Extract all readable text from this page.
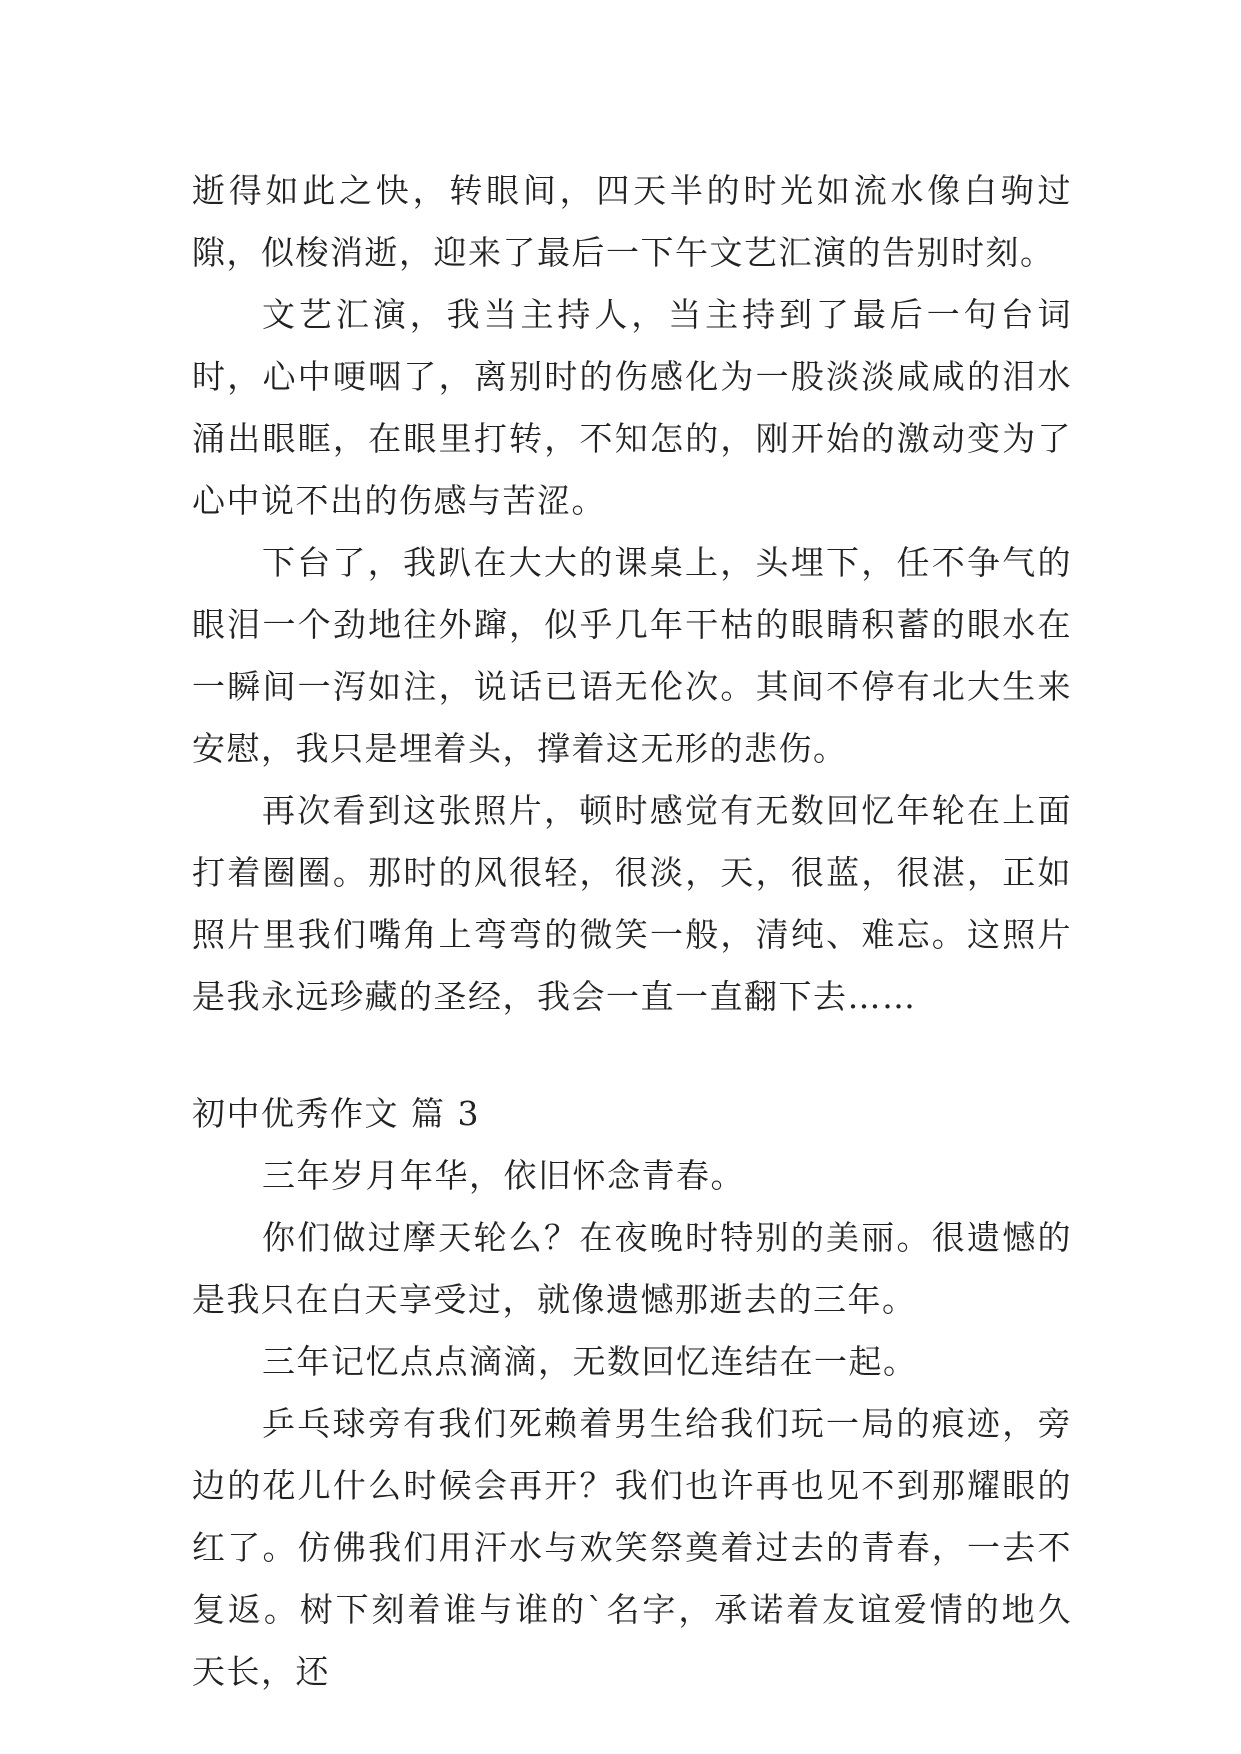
逝得如此之快，转眼间，四天半的时光如流水像白驹过隙，似梭消逝，迎来了最后一下午文艺汇演的告别时刻。

文艺汇演，我当主持人，当主持到了最后一句台词时，心中哽咽了，离别时的伤感化为一股淡淡咸咸的泪水涌出眼眶，在眼里打转，不知怎的，刚开始的激动变为了心中说不出的伤感与苦涩。

下台了，我趴在大大的课桌上，头埋下，任不争气的眼泪一个劲地往外蹿，似乎几年干枯的眼睛积蓄的眼水在一瞬间一泻如注，说话已语无伦次。其间不停有北大生来安慰，我只是埋着头，撑着这无形的悲伤。

再次看到这张照片，顿时感觉有无数回忆年轮在上面打着圈圈。那时的风很轻，很淡，天，很蓝，很湛，正如照片里我们嘴角上弯弯的微笑一般，清纯、难忘。这照片是我永远珍藏的圣经，我会一直一直翻下去……

初中优秀作文 篇 3

三年岁月年华，依旧怀念青春。

你们做过摩天轮么？在夜晚时特别的美丽。很遗憾的是我只在白天享受过，就像遗憾那逝去的三年。

三年记忆点点滴滴，无数回忆连结在一起。

乒乓球旁有我们死赖着男生给我们玩一局的痕迹，旁边的花儿什么时候会再开？我们也许再也见不到那耀眼的红了。仿佛我们用汗水与欢笑祭奠着过去的青春，一去不复返。树下刻着谁与谁的`名字，承诺着友谊爱情的地久天长，还
